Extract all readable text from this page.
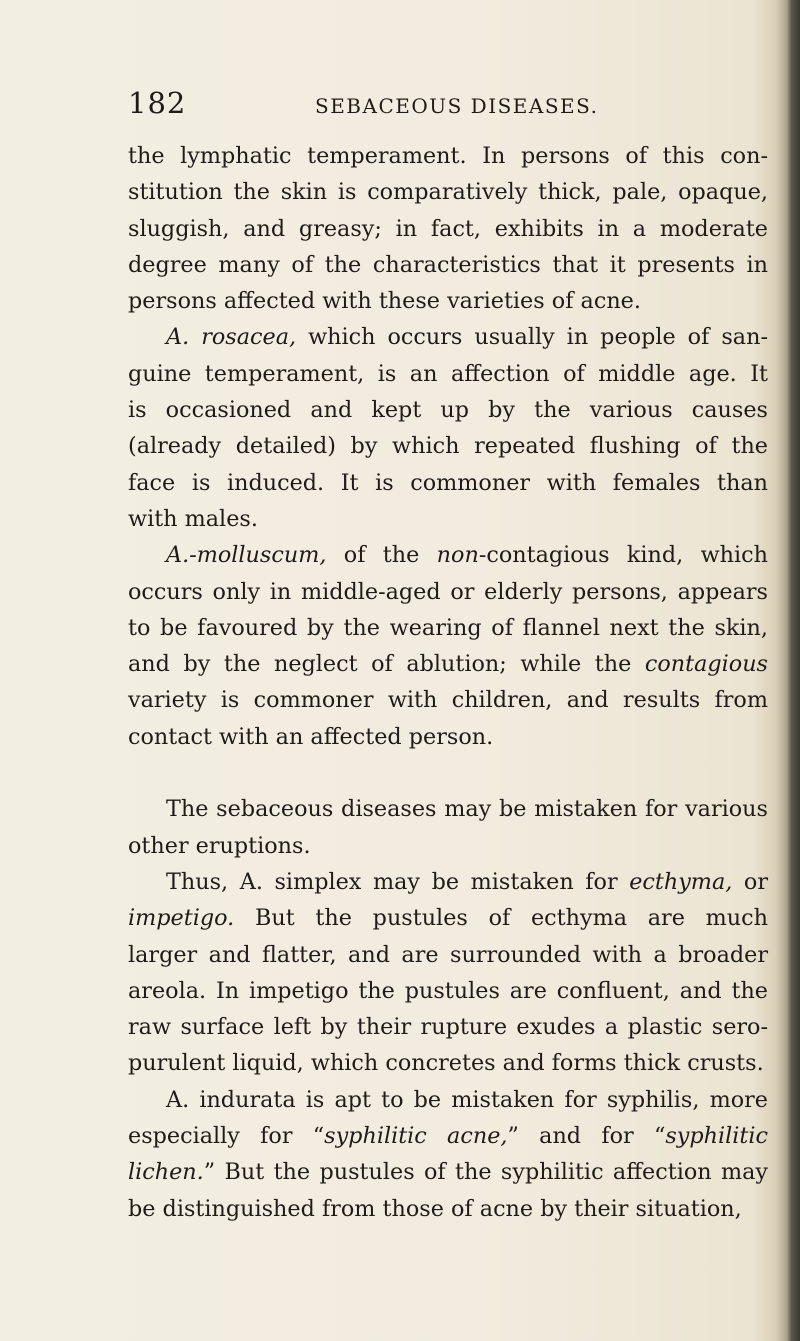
182	SEBACEOUS DISEASES.
the lymphatic temperament. In persons of this con-
stitution the skin is comparatively thick, pale, opaque,
sluggish, and greasy; in fact, exhibits in a moderate
degree many of the characteristics that it presents in
persons affected with these varieties of acne.
A. rosacea, which occurs usually in people of san-
guine temperament, is an affection of middle age. It
is occasioned and kept up by the various causes
(already detailed) by which repeated flushing of the
face is induced. It is commoner with females than
with males.
A.-molluscum, of the non-contagious kind, which
occurs only in middle-aged or elderly persons, appears
to be favoured by the wearing of flannel next the skin,
and by the neglect of ablution; while the contagious
variety is commoner with children, and results from
contact with an affected person.
The sebaceous diseases may be mistaken for various
other eruptions.
Thus, A. simplex may be mistaken for ecthyma, or
impetigo. But the pustules of ecthyma are much
larger and flatter, and are surrounded with a broader
areola. In impetigo the pustules are confluent, and the
raw surface left by their rupture exudes a plastic sero-
purulent liquid, which concretes and forms thick crusts.
A. indurata is apt to be mistaken for syphilis, more
especially for “syphilitic acne,” and for “syphilitic
lichen.” But the pustules of the syphilitic affection may
be distinguished from those of acne by their situation,
